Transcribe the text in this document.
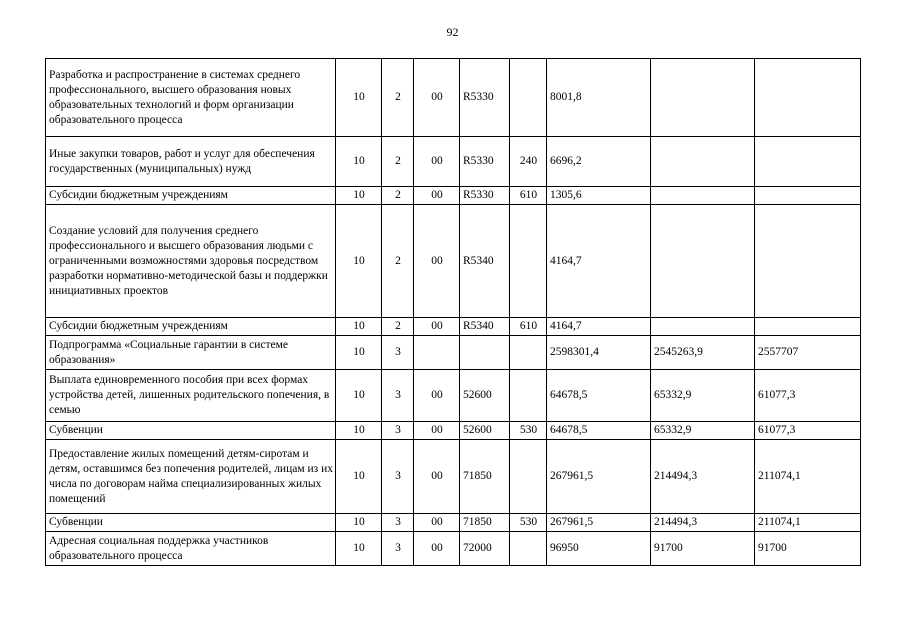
92
Разработка и распространение в системах среднего профессионального, высшего образования новых образовательных технологий и форм организации образовательного процесса	10	2	00	R5330		8001,8		
Иные закупки товаров, работ и услуг для обеспечения государственных (муниципальных) нужд	10	2	00	R5330	240	6696,2		
Субсидии бюджетным учреждениям	10	2	00	R5330	610	1305,6		
Создание условий для получения среднего профессионального и высшего образования людьми с ограниченными возможностями здоровья посредством разработки нормативно-методической базы и поддержки инициативных проектов	10	2	00	R5340		4164,7		
Субсидии бюджетным учреждениям	10	2	00	R5340	610	4164,7		
Подпрограмма «Социальные гарантии в системе образования»	10	3				2598301,4	2545263,9	2557707
Выплата единовременного пособия при всех формах устройства детей, лишенных родительского попечения, в семью	10	3	00	52600		64678,5	65332,9	61077,3
Субвенции	10	3	00	52600	530	64678,5	65332,9	61077,3
Предоставление жилых помещений детям-сиротам и детям, оставшимся без попечения родителей, лицам из их числа по договорам найма специализированных жилых помещений	10	3	00	71850		267961,5	214494,3	211074,1
Субвенции	10	3	00	71850	530	267961,5	214494,3	211074,1
Адресная социальная поддержка участников образовательного процесса	10	3	00	72000		96950	91700	91700
